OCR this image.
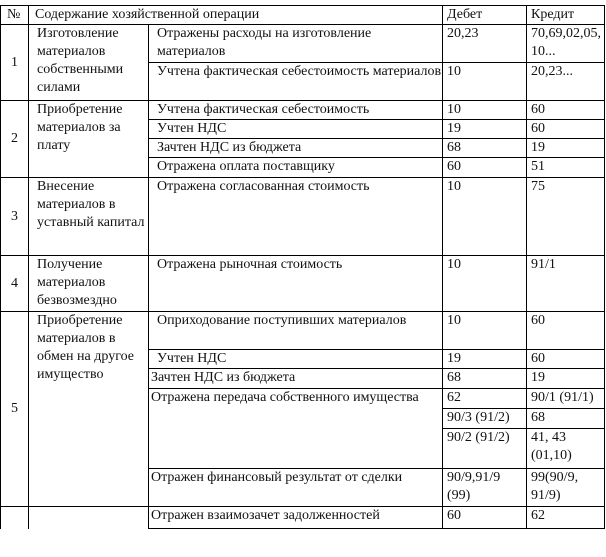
№	Содержание хозяйственной операции		Дебет	Кредит
1	Изготовление материалов собственными силами	Отражены расходы на изготовление материалов	20,23	70,69,02,05,10...
		Учтена фактическая себестоимость материалов	10	20,23...
2	Приобретение материалов за плату	Учтена фактическая себестоимость	10	60
		Учтен НДС	19	60
		Зачтен НДС из бюджета	68	19
		Отражена оплата поставщику	60	51
3	Внесение материалов в уставный капитал	Отражена согласованная стоимость	10	75
4	Получение материалов безвозмездно	Отражена рыночная стоимость	10	91/1
5	Приобретение материалов в обмен на другое имущество	Оприходование поступивших материалов	10	60
		Учтен НДС	19	60
		Зачтен НДС из бюджета	68	19
		Отражена передача собственного имущества	62	90/1 (91/1)
			90/3 (91/2)	68
			90/2 (91/2)	41, 43 (01,10)
		Отражен финансовый результат от сделки	90/9,91/9 (99)	99(90/9, 91/9)
		Отражен взаимозачет задолженностей	60	62
